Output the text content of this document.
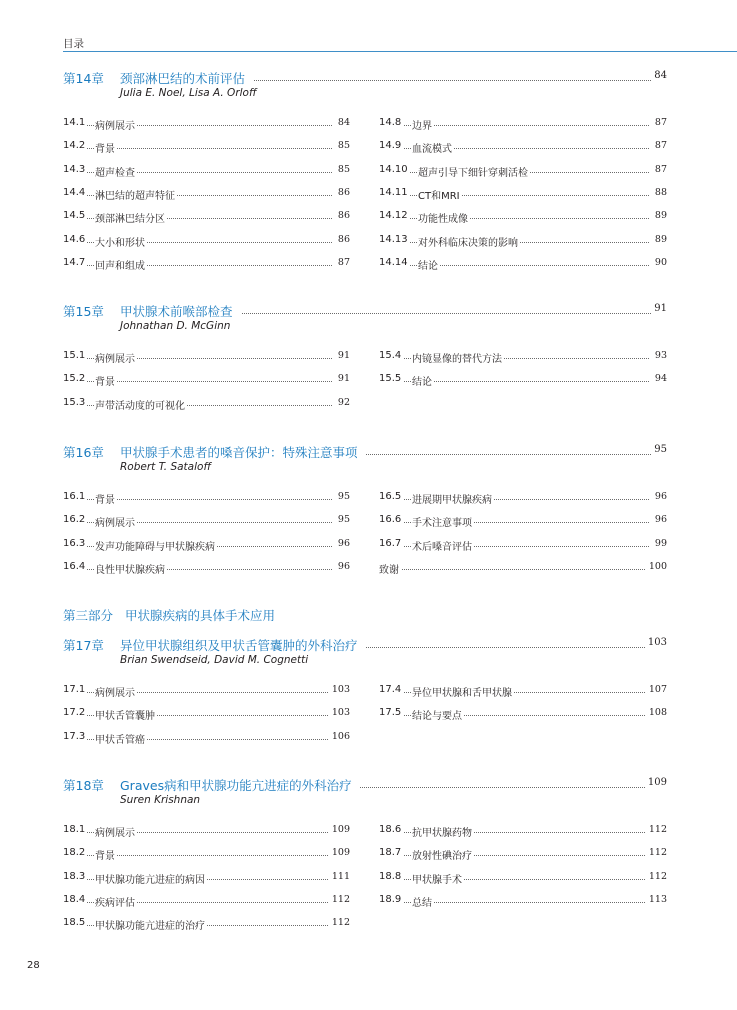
目录
第三部分 甲状腺疾病的具体手术应用
第14章 颈部淋巴结的术前评估	84
Julia E. Noel, Lisa A. Orloff
14.1 病例展示	84
14.2 背景	85
14.3 超声检查	85
14.4 淋巴结的超声特征	86
14.5 颈部淋巴结分区	86
14.6 大小和形状	86
14.7 回声和组成	87
14.8 边界	87
14.9 血流模式	87
14.10 超声引导下细针穿刺活检	87
14.11 CT和MRI	88
14.12 功能性成像	89
14.13 对外科临床决策的影响	89
14.14 结论	90
第15章 甲状腺术前喉部检查	91
Johnathan D. McGinn
15.1 病例展示	91
15.2 背景	91
15.3 声带活动度的可视化	92
15.4 内镜显像的替代方法	93
15.5 结论	94
第16章 甲状腺手术患者的嗓音保护：特殊注意事项	95
Robert T. Sataloff
16.1 背景	95
16.2 病例展示	95
16.3 发声功能障碍与甲状腺疾病	96
16.4 良性甲状腺疾病	96
16.5 进展期甲状腺疾病	96
16.6 手术注意事项	96
16.7 术后嗓音评估	99
致谢	100
第17章 异位甲状腺组织及甲状舌管囊肿的外科治疗	103
Brian Swendseid, David M. Cognetti
17.1 病例展示	103
17.2 甲状舌管囊肿	103
17.3 甲状舌管癌	106
17.4 异位甲状腺和舌甲状腺	107
17.5 结论与要点	108
第18章 Graves病和甲状腺功能亢进症的外科治疗	109
Suren Krishnan
18.1 病例展示	109
18.2 背景	109
18.3 甲状腺功能亢进症的病因	111
18.4 疾病评估	112
18.5 甲状腺功能亢进症的治疗	112
18.6 抗甲状腺药物	112
18.7 放射性碘治疗	112
18.8 甲状腺手术	112
18.9 总结	113
28
